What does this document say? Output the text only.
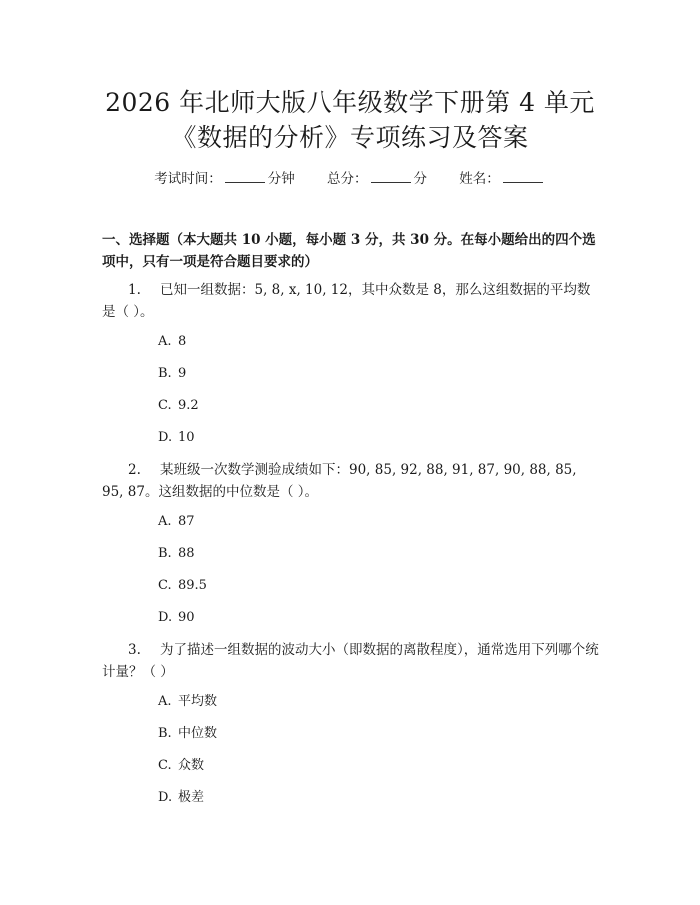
2026 年北师大版八年级数学下册第 4 单元
《数据的分析》专项练习及答案
考试时间：	分钟 总分：	分 姓名：
一、选择题（本大题共 10 小题，每小题 3 分，共 30 分。在每小题给出的四个选项中，只有一项是符合题目要求的）
1. 已知一组数据：5, 8, x, 10, 12，其中众数是 8，那么这组数据的平均数是（ ）。
A. 8
B. 9
C. 9.2
D. 10
2. 某班级一次数学测验成绩如下：90, 85, 92, 88, 91, 87, 90, 88, 85, 95, 87。这组数据的中位数是（ ）。
A. 87
B. 88
C. 89.5
D. 90
3. 为了描述一组数据的波动大小（即数据的离散程度），通常选用下列哪个统计量？（ ）
A. 平均数
B. 中位数
C. 众数
D. 极差
